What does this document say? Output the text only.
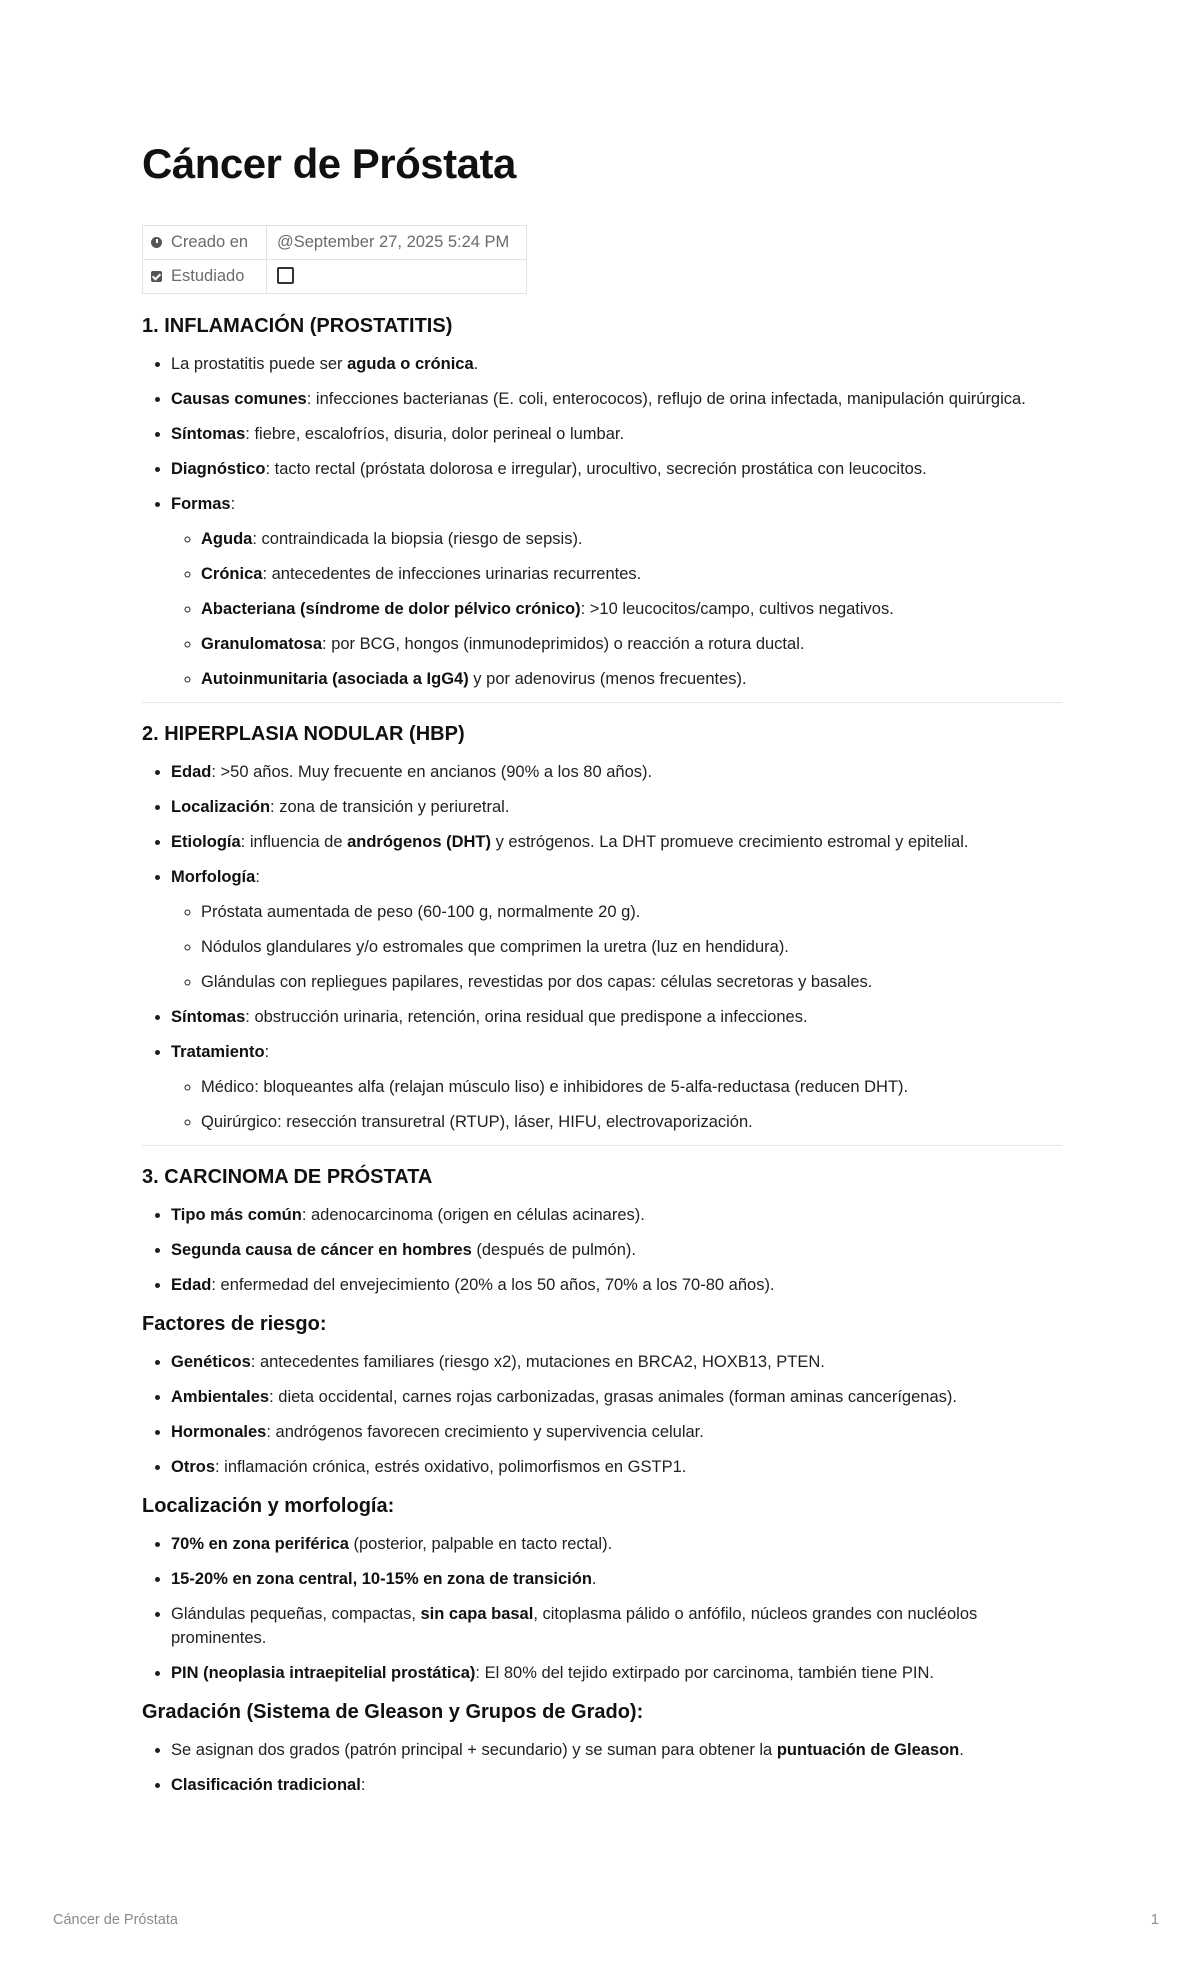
Cáncer de Próstata
Creado en	@September 27, 2025 5:24 PM
Estudiado	
1. INFLAMACIÓN (PROSTATITIS)
• La prostatitis puede ser aguda o crónica.
• Causas comunes: infecciones bacterianas (E. coli, enterococos), reflujo de orina infectada, manipulación quirúrgica.
• Síntomas: fiebre, escalofríos, disuria, dolor perineal o lumbar.
• Diagnóstico: tacto rectal (próstata dolorosa e irregular), urocultivo, secreción prostática con leucocitos.
• Formas:
◦ Aguda: contraindicada la biopsia (riesgo de sepsis).
◦ Crónica: antecedentes de infecciones urinarias recurrentes.
◦ Abacteriana (síndrome de dolor pélvico crónico): >10 leucocitos/campo, cultivos negativos.
◦ Granulomatosa: por BCG, hongos (inmunodeprimidos) o reacción a rotura ductal.
◦ Autoinmunitaria (asociada a IgG4) y por adenovirus (menos frecuentes).
2. HIPERPLASIA NODULAR (HBP)
• Edad: >50 años. Muy frecuente en ancianos (90% a los 80 años).
• Localización: zona de transición y periuretral.
• Etiología: influencia de andrógenos (DHT) y estrógenos. La DHT promueve crecimiento estromal y epitelial.
• Morfología:
◦ Próstata aumentada de peso (60-100 g, normalmente 20 g).
◦ Nódulos glandulares y/o estromales que comprimen la uretra (luz en hendidura).
◦ Glándulas con repliegues papilares, revestidas por dos capas: células secretoras y basales.
• Síntomas: obstrucción urinaria, retención, orina residual que predispone a infecciones.
• Tratamiento:
◦ Médico: bloqueantes alfa (relajan músculo liso) e inhibidores de 5-alfa-reductasa (reducen DHT).
◦ Quirúrgico: resección transuretral (RTUP), láser, HIFU, electrovaporización.
3. CARCINOMA DE PRÓSTATA
• Tipo más común: adenocarcinoma (origen en células acinares).
• Segunda causa de cáncer en hombres (después de pulmón).
• Edad: enfermedad del envejecimiento (20% a los 50 años, 70% a los 70-80 años).
Factores de riesgo:
• Genéticos: antecedentes familiares (riesgo x2), mutaciones en BRCA2, HOXB13, PTEN.
• Ambientales: dieta occidental, carnes rojas carbonizadas, grasas animales (forman aminas cancerígenas).
• Hormonales: andrógenos favorecen crecimiento y supervivencia celular.
• Otros: inflamación crónica, estrés oxidativo, polimorfismos en GSTP1.
Localización y morfología:
• 70% en zona periférica (posterior, palpable en tacto rectal).
• 15-20% en zona central, 10-15% en zona de transición.
• Glándulas pequeñas, compactas, sin capa basal, citoplasma pálido o anfófilo, núcleos grandes con nucléolos prominentes.
• PIN (neoplasia intraepitelial prostática): El 80% del tejido extirpado por carcinoma, también tiene PIN.
Gradación (Sistema de Gleason y Grupos de Grado):
• Se asignan dos grados (patrón principal + secundario) y se suman para obtener la puntuación de Gleason.
• Clasificación tradicional:
Cáncer de Próstata	1
